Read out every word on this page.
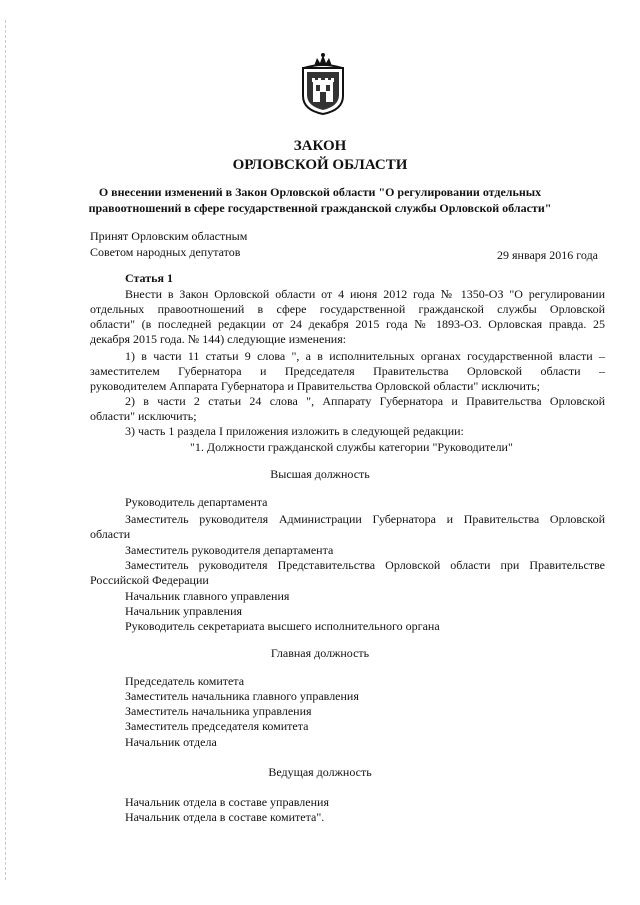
ЗАКОН
ОРЛОВСКОЙ ОБЛАСТИ
О внесении изменений в Закон Орловской области "О регулировании отдельных
правоотношений в сфере государственной гражданской службы Орловской области"
Принят Орловским областным
Советом народных депутатов	29 января 2016 года
Статья 1
Внести в Закон Орловской области от 4 июня 2012 года № 1350-ОЗ "О регулировании
отдельных правоотношений в сфере государственной гражданской службы Орловской
области" (в последней редакции от 24 декабря 2015 года № 1893-ОЗ. Орловская правда. 25
декабря 2015 года. № 144) следующие изменения:
1) в части 11 статьи 9 слова ", а в исполнительных органах государственной власти –
заместителем Губернатора и Председателя Правительства Орловской области –
руководителем Аппарата Губернатора и Правительства Орловской области" исключить;
2) в части 2 статьи 24 слова ", Аппарату Губернатора и Правительства Орловской
области" исключить;
3) часть 1 раздела I приложения изложить в следующей редакции:
"1. Должности гражданской службы категории "Руководители"
Высшая должность
Руководитель департамента
Заместитель руководителя Администрации Губернатора и Правительства Орловской
области
Заместитель руководителя департамента
Заместитель руководителя Представительства Орловской области при Правительстве
Российской Федерации
Начальник главного управления
Начальник управления
Руководитель секретариата высшего исполнительного органа
Главная должность
Председатель комитета
Заместитель начальника главного управления
Заместитель начальника управления
Заместитель председателя комитета
Начальник отдела
Ведущая должность
Начальник отдела в составе управления
Начальник отдела в составе комитета".
